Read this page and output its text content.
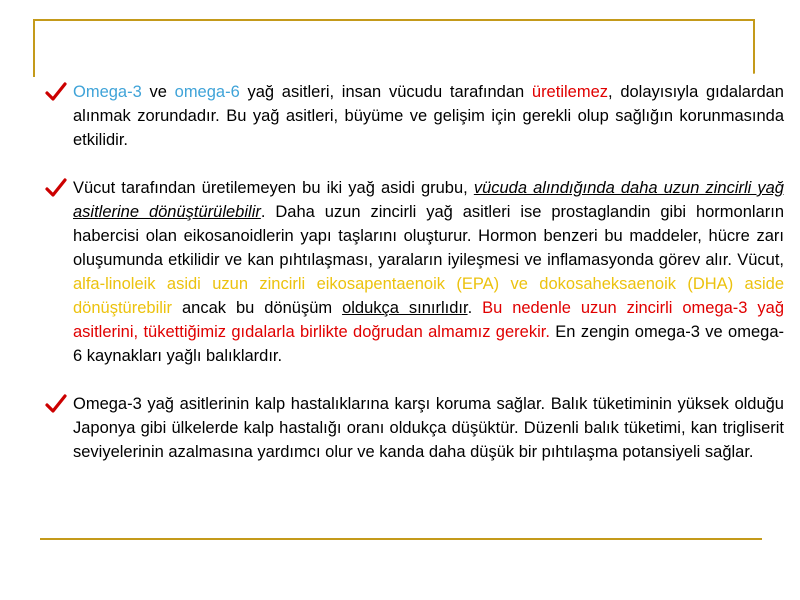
.

Omega-3 ve omega-6 yağ asitleri, insan vücudu tarafından üretilemez, dolayısıyla gıdalardan alınmak zorundadır. Bu yağ asitleri, büyüme ve gelişim için gerekli olup sağlığın korunmasında etkilidir.

Vücut tarafından üretilemeyen bu iki yağ asidi grubu, vücuda alındığında daha uzun zincirli yağ asitlerine dönüştürülebilir. Daha uzun zincirli yağ asitleri ise prostaglandin gibi hormonların habercisi olan eikosanoidlerin yapı taşlarını oluşturur. Hormon benzeri bu maddeler, hücre zarı oluşumunda etkilidir ve kan pıhtılaşması, yaraların iyileşmesi ve inflamasyonda görev alır. Vücut, alfa-linoleik asidi uzun zincirli eikosapentaenoik (EPA) ve dokosaheksaenoik (DHA) aside dönüştürebilir ancak bu dönüşüm oldukça sınırlıdır. Bu nedenle uzun zincirli omega-3 yağ asitlerini, tükettiğimiz gıdalarla birlikte doğrudan almamız gerekir. En zengin omega-3 ve omega-6 kaynakları yağlı balıklardır.

Omega-3 yağ asitlerinin kalp hastalıklarına karşı koruma sağlar. Balık tüketiminin yüksek olduğu Japonya gibi ülkelerde kalp hastalığı oranı oldukça düşüktür. Düzenli balık tüketimi, kan trigliserit seviyelerinin azalmasına yardımcı olur ve kanda daha düşük bir pıhtılaşma potansiyeli sağlar.
